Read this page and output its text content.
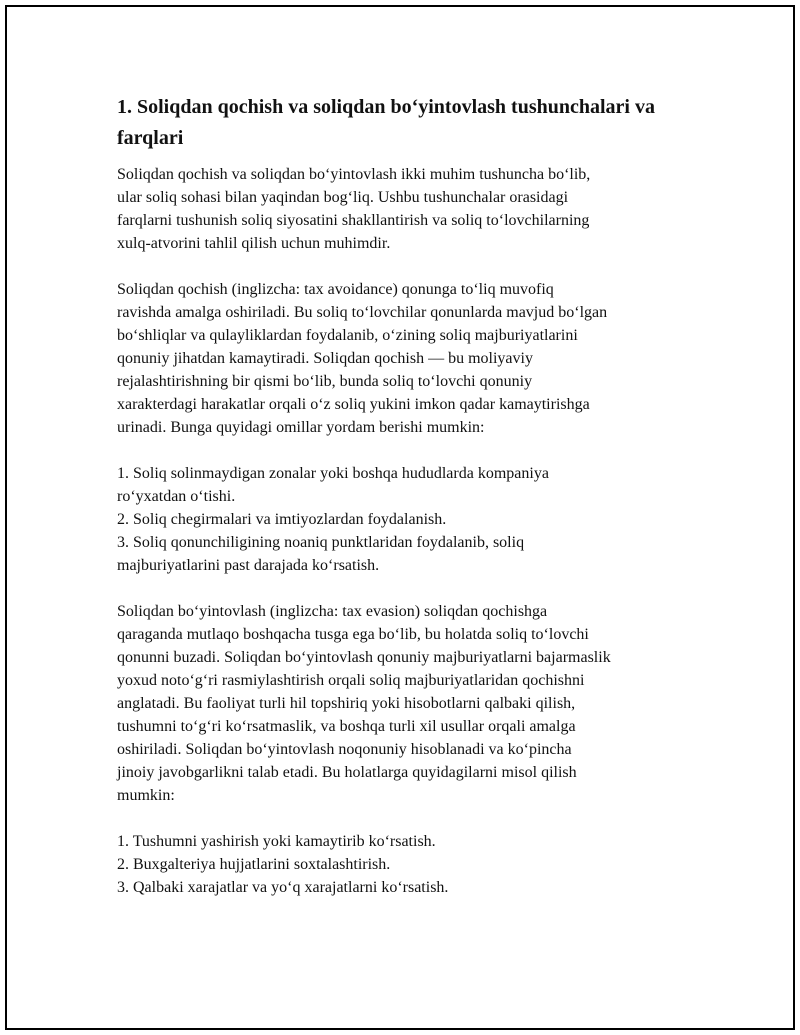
1. Soliqdan qochish va soliqdan bo‘yintovlash tushunchalari va farqlari

Soliqdan qochish va soliqdan bo‘yintovlash ikki muhim tushuncha bo‘lib,
ular soliq sohasi bilan yaqindan bog‘liq. Ushbu tushunchalar orasidagi
farqlarni tushunish soliq siyosatini shakllantirish va soliq to‘lovchilarning
xulq-atvorini tahlil qilish uchun muhimdir.

Soliqdan qochish (inglizcha: tax avoidance) qonunga to‘liq muvofiq
ravishda amalga oshiriladi. Bu soliq to‘lovchilar qonunlarda mavjud bo‘lgan
bo‘shliqlar va qulayliklardan foydalanib, o‘zining soliq majburiyatlarini
qonuniy jihatdan kamaytiradi. Soliqdan qochish — bu moliyaviy
rejalashtirishning bir qismi bo‘lib, bunda soliq to‘lovchi qonuniy
xarakterdagi harakatlar orqali o‘z soliq yukini imkon qadar kamaytirishga
urinadi. Bunga quyidagi omillar yordam berishi mumkin:

1. Soliq solinmaydigan zonalar yoki boshqa hududlarda kompaniya
ro‘yxatdan o‘tishi.
2. Soliq chegirmalari va imtiyozlardan foydalanish.
3. Soliq qonunchiligining noaniq punktlaridan foydalanib, soliq
majburiyatlarini past darajada ko‘rsatish.

Soliqdan bo‘yintovlash (inglizcha: tax evasion) soliqdan qochishga
qaraganda mutlaqo boshqacha tusga ega bo‘lib, bu holatda soliq to‘lovchi
qonunni buzadi. Soliqdan bo‘yintovlash qonuniy majburiyatlarni bajarmaslik
yoxud noto‘g‘ri rasmiylashtirish orqali soliq majburiyatlaridan qochishni
anglatadi. Bu faoliyat turli hil topshiriq yoki hisobotlarni qalbaki qilish,
tushumni to‘g‘ri ko‘rsatmaslik, va boshqa turli xil usullar orqali amalga
oshiriladi. Soliqdan bo‘yintovlash noqonuniy hisoblanadi va ko‘pincha
jinoiy javobgarlikni talab etadi. Bu holatlarga quyidagilarni misol qilish
mumkin:

1. Tushumni yashirish yoki kamaytirib ko‘rsatish.
2. Buxgalteriya hujjatlarini soxtalashtirish.
3. Qalbaki xarajatlar va yo‘q xarajatlarni ko‘rsatish.
